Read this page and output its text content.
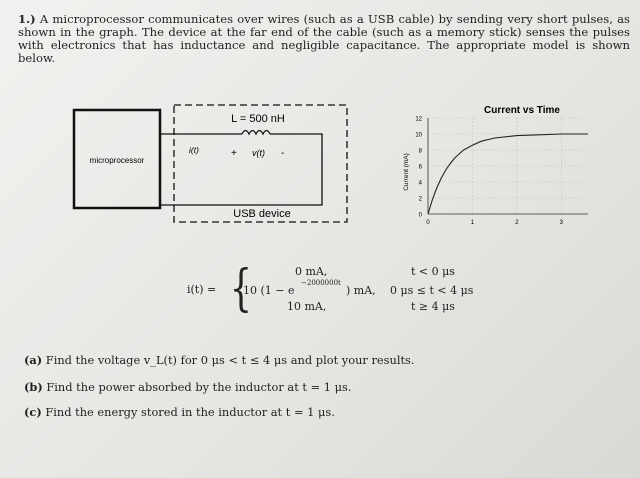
1.) A microprocessor communicates over wires (such as a USB cable) by sending very short pulses, as shown in the graph. The device at the far end of the cable (such as a memory stick) senses the pulses with electronics that has inductance and negligible capacitance. The appropriate model is shown below.
microprocessor
L = 500 nH
i(t)	+ v(t) -
USB device
Current vs Time
Current (mA)
0
2
4
6
8
10
12
0	1	2	3
i(t) = {	0 mA,	t < 0 μs
10 (1 − e
−2000000t
) mA, 0 μs ≤ t < 4 μs
10 mA,	t ≥ 4 μs
(a) Find the voltage v_L(t) for 0 μs < t ≤ 4 μs and plot your results.
(b) Find the power absorbed by the inductor at t = 1 μs.
(c) Find the energy stored in the inductor at t = 1 μs.
